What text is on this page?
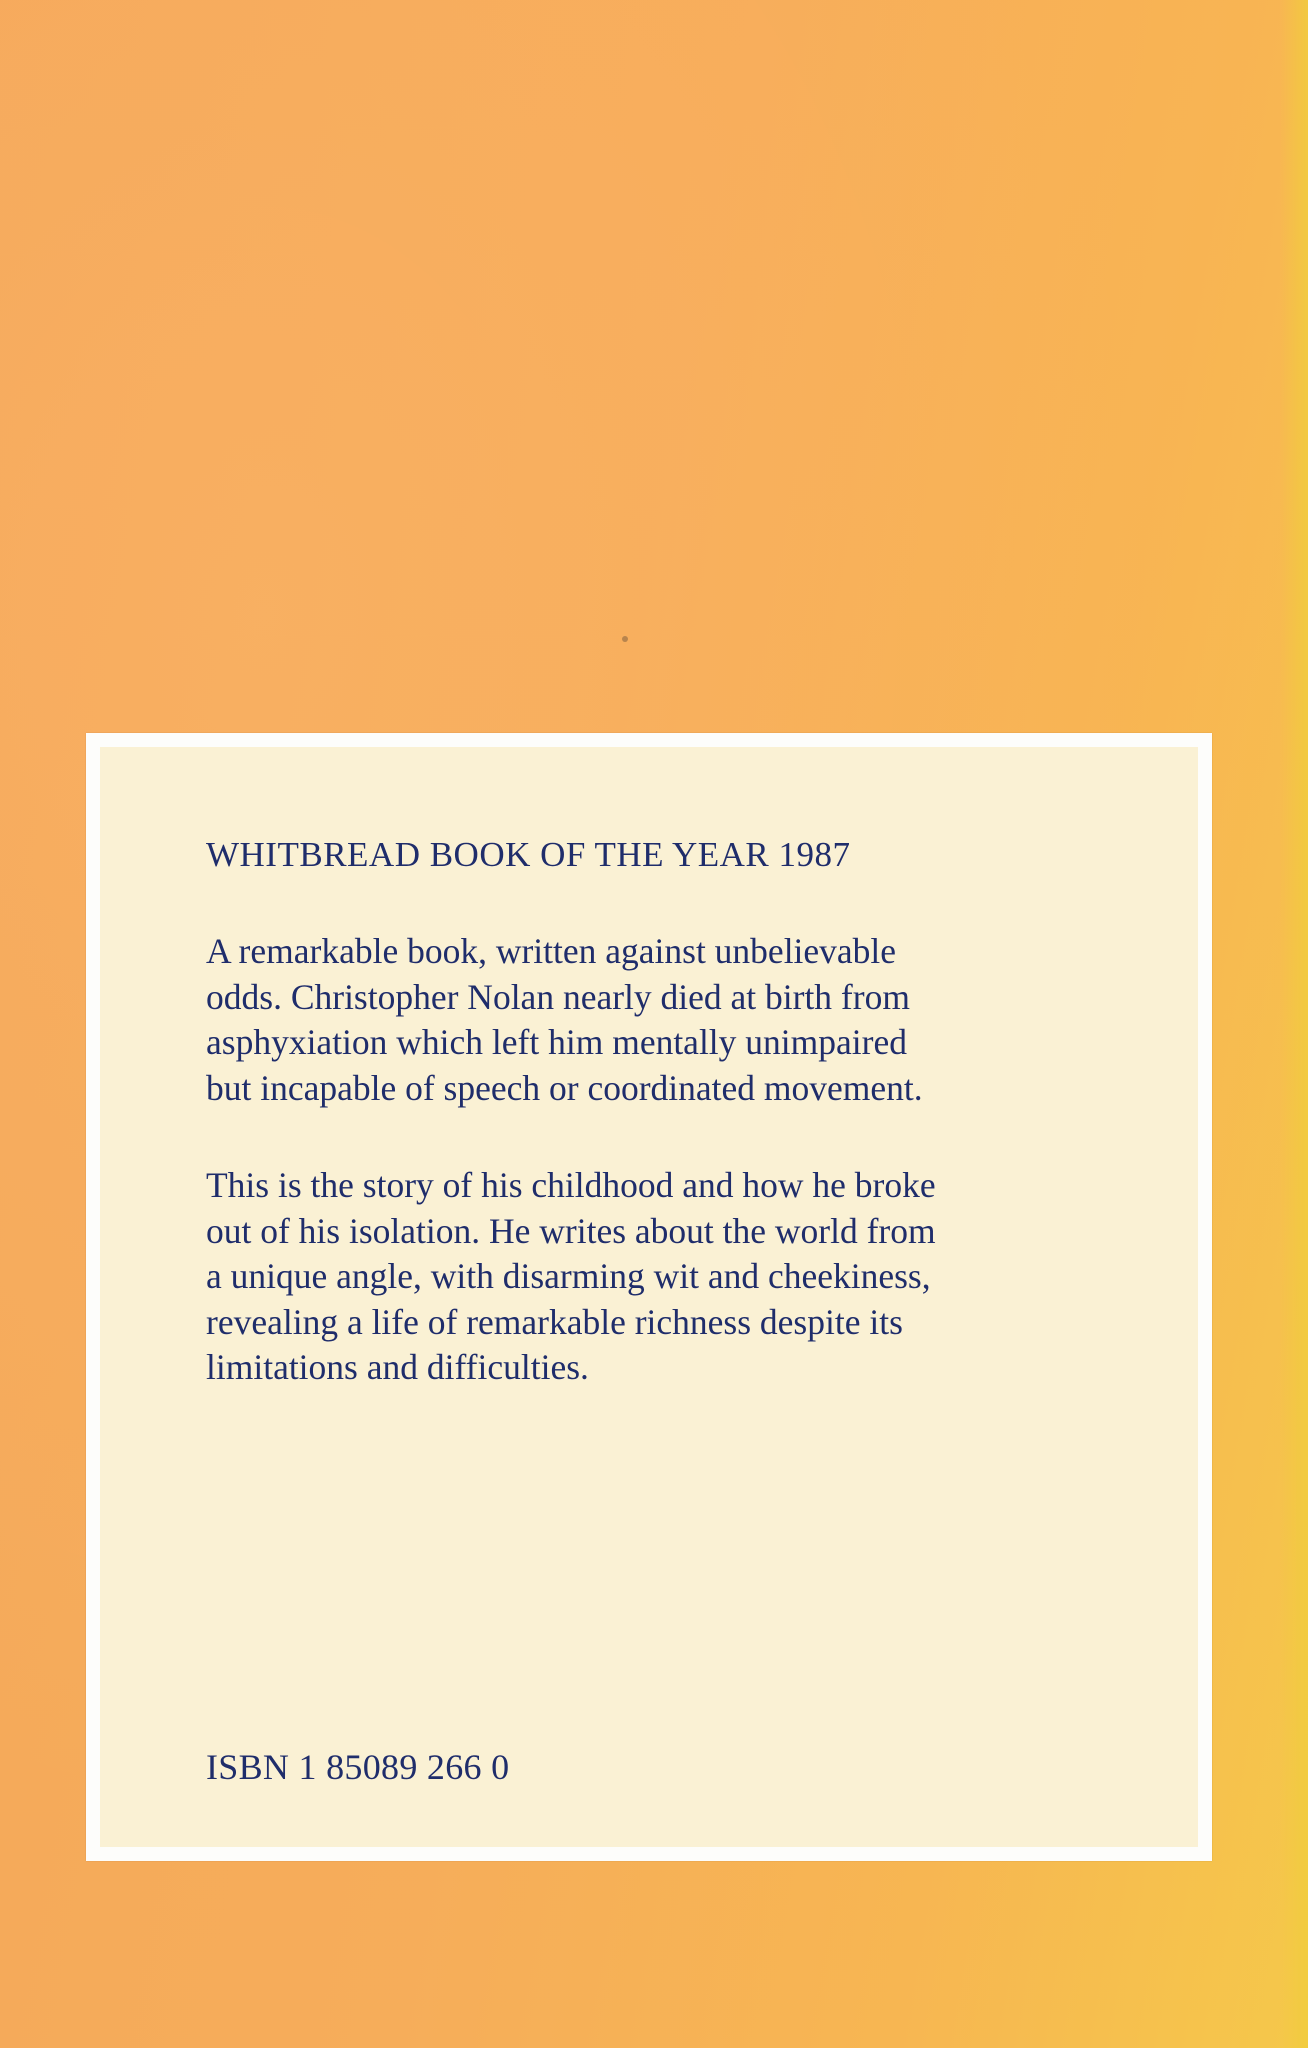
WHITBREAD BOOK OF THE YEAR 1987
A remarkable book, written against unbelievable
odds. Christopher Nolan nearly died at birth from
asphyxiation which left him mentally unimpaired
but incapable of speech or coordinated movement.
This is the story of his childhood and how he broke
out of his isolation. He writes about the world from
a unique angle, with disarming wit and cheekiness,
revealing a life of remarkable richness despite its
limitations and difficulties.
ISBN 1 85089 266 0
